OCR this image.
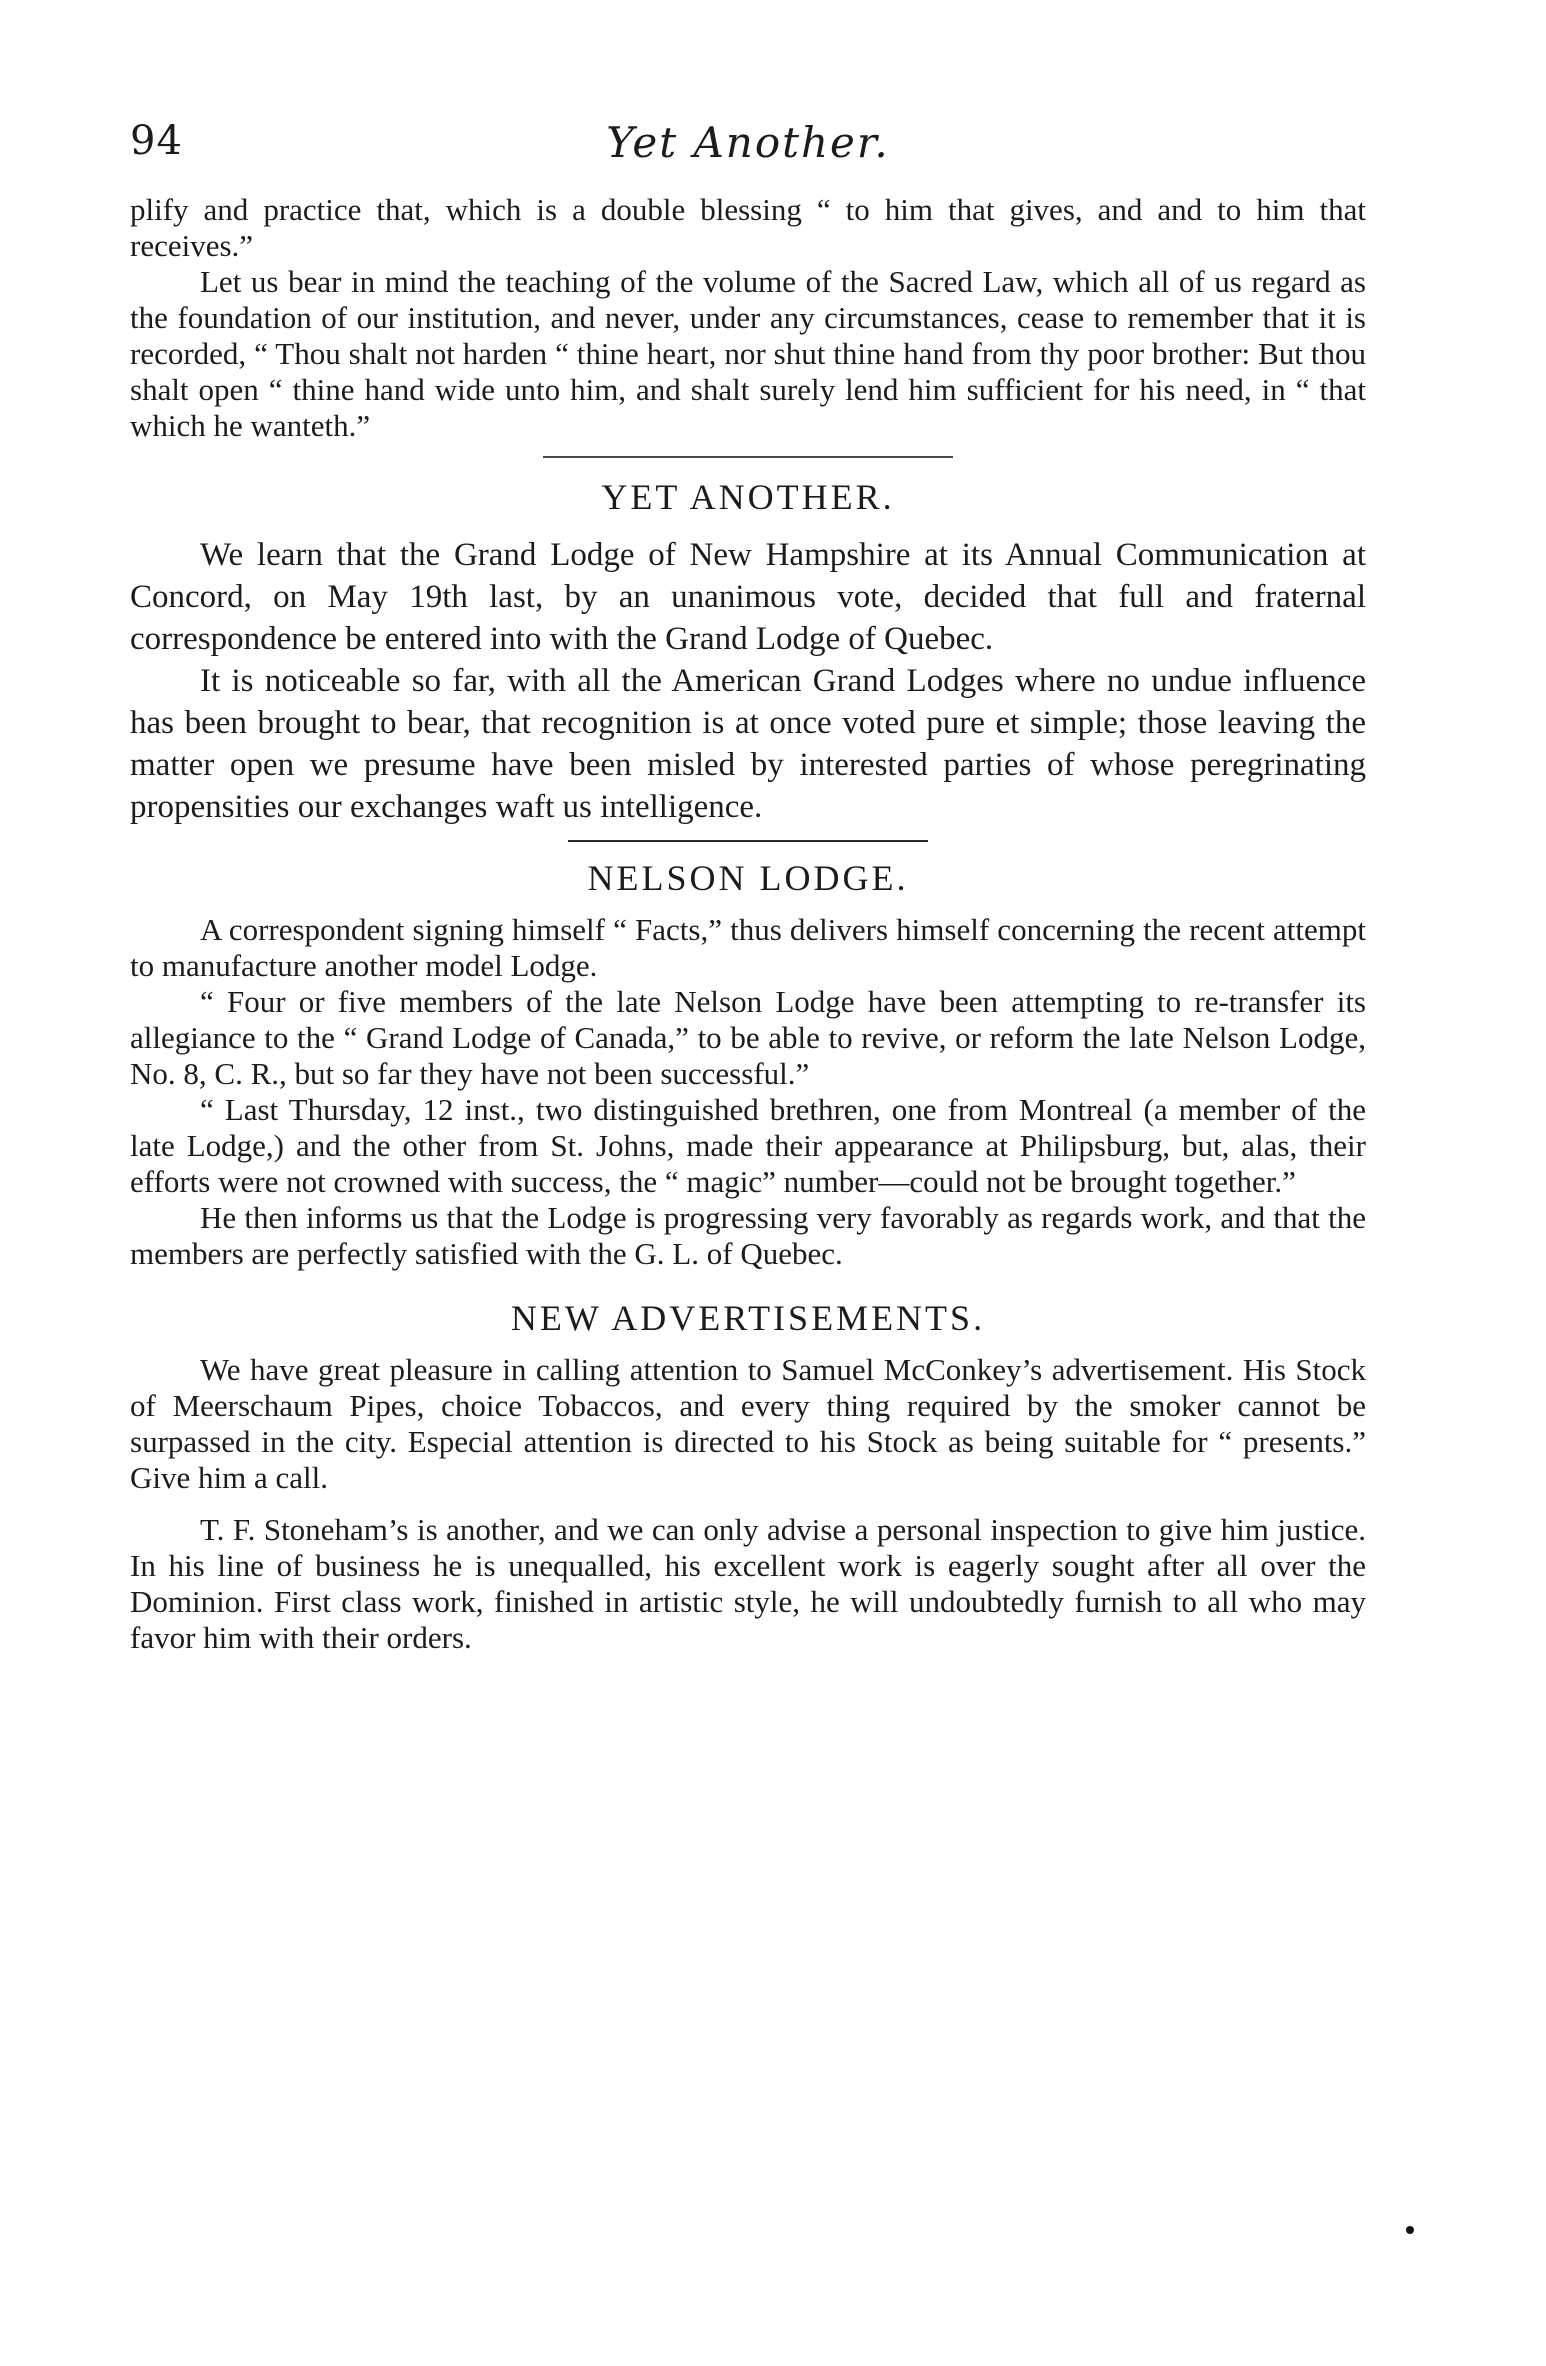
94	Yet Another.

plify and practice that, which is a double blessing “ to him that gives, and and to him that receives.”

Let us bear in mind the teaching of the volume of the Sacred Law, which all of us regard as the foundation of our institution, and never, under any circumstances, cease to remember that it is recorded, “ Thou shalt not harden “ thine heart, nor shut thine hand from thy poor brother: But thou shalt open “ thine hand wide unto him, and shalt surely lend him sufficient for his need, in “ that which he wanteth.”

YET ANOTHER.

We learn that the Grand Lodge of New Hampshire at its Annual Communication at Concord, on May 19th last, by an unanimous vote, decided that full and fraternal correspondence be entered into with the Grand Lodge of Quebec.

It is noticeable so far, with all the American Grand Lodges where no undue influence has been brought to bear, that recognition is at once voted pure et simple; those leaving the matter open we presume have been misled by interested parties of whose peregrinating propensities our exchanges waft us intelligence.

NELSON LODGE.

A correspondent signing himself “ Facts,” thus delivers himself concerning the recent attempt to manufacture another model Lodge.

“ Four or five members of the late Nelson Lodge have been attempting to re-transfer its allegiance to the “ Grand Lodge of Canada,” to be able to revive, or reform the late Nelson Lodge, No. 8, C. R., but so far they have not been successful.”

“ Last Thursday, 12 inst., two distinguished brethren, one from Montreal (a member of the late Lodge,) and the other from St. Johns, made their appearance at Philipsburg, but, alas, their efforts were not crowned with success, the “ magic” number—could not be brought together.”

He then informs us that the Lodge is progressing very favorably as regards work, and that the members are perfectly satisfied with the G. L. of Quebec.

NEW ADVERTISEMENTS.

We have great pleasure in calling attention to Samuel McConkey’s advertisement. His Stock of Meerschaum Pipes, choice Tobaccos, and every thing required by the smoker cannot be surpassed in the city. Especial attention is directed to his Stock as being suitable for “ presents.” Give him a call.

T. F. Stoneham’s is another, and we can only advise a personal inspection to give him justice. In his line of business he is unequalled, his excellent work is eagerly sought after all over the Dominion. First class work, finished in artistic style, he will undoubtedly furnish to all who may favor him with their orders.
